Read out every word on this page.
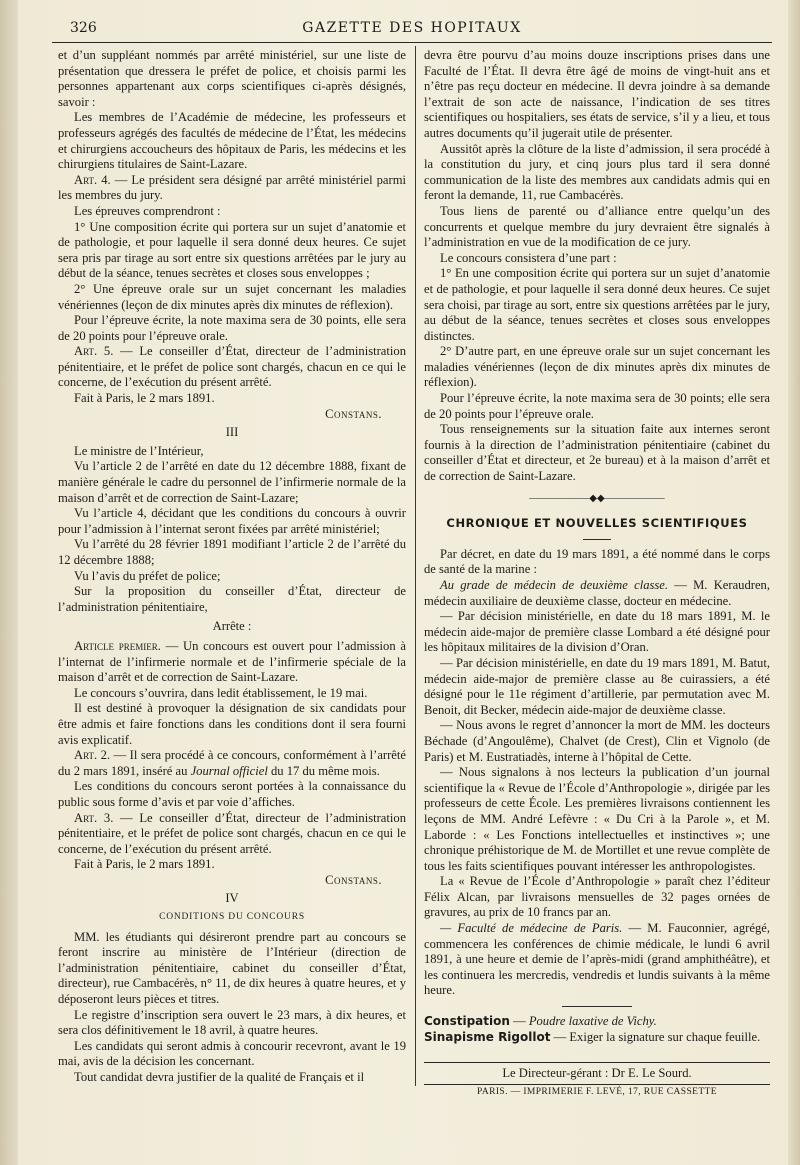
326	GAZETTE DES HOPITAUX

et d’un suppléant nommés par arrêté ministériel, sur une liste de présentation que dressera le préfet de police, et choisis parmi les personnes appartenant aux corps scientifiques ci-après désignés, savoir :

Les membres de l’Académie de médecine, les professeurs et professeurs agrégés des facultés de médecine de l’État, les médecins et chirurgiens accoucheurs des hôpitaux de Paris, les médecins et les chirurgiens titulaires de Saint-Lazare.

Art. 4. — Le président sera désigné par arrêté ministériel parmi les membres du jury.

Les épreuves comprendront :

1° Une composition écrite qui portera sur un sujet d’anatomie et de pathologie, et pour laquelle il sera donné deux heures. Ce sujet sera pris par tirage au sort entre six questions arrêtées par le jury au début de la séance, tenues secrètes et closes sous enveloppes ;

2° Une épreuve orale sur un sujet concernant les maladies vénériennes (leçon de dix minutes après dix minutes de réflexion).

Pour l’épreuve écrite, la note maxima sera de 30 points, elle sera de 20 points pour l’épreuve orale.

Art. 5. — Le conseiller d’État, directeur de l’administration pénitentiaire, et le préfet de police sont chargés, chacun en ce qui le concerne, de l’exécution du présent arrêté.

Fait à Paris, le 2 mars 1891.

Constans.

III

Le ministre de l’Intérieur,

Vu l’article 2 de l’arrêté en date du 12 décembre 1888, fixant de manière générale le cadre du personnel de l’infirmerie normale de la maison d’arrêt et de correction de Saint-Lazare;

Vu l’article 4, décidant que les conditions du concours à ouvrir pour l’admission à l’internat seront fixées par arrêté ministériel;

Vu l’arrêté du 28 février 1891 modifiant l’article 2 de l’arrêté du 12 décembre 1888;

Vu l’avis du préfet de police;

Sur la proposition du conseiller d’État, directeur de l’administration pénitentiaire,

Arrête :

Article premier. — Un concours est ouvert pour l’admission à l’internat de l’infirmerie normale et de l’infirmerie spéciale de la maison d’arrêt et de correction de Saint-Lazare.

Le concours s’ouvrira, dans ledit établissement, le 19 mai.

Il est destiné à provoquer la désignation de six candidats pour être admis et faire fonctions dans les conditions dont il sera fourni avis explicatif.

Art. 2. — Il sera procédé à ce concours, conformément à l’arrêté du 2 mars 1891, inséré au Journal officiel du 17 du même mois.

Les conditions du concours seront portées à la connaissance du public sous forme d’avis et par voie d’affiches.

Art. 3. — Le conseiller d’État, directeur de l’administration pénitentiaire, et le préfet de police sont chargés, chacun en ce qui le concerne, de l’exécution du présent arrêté.

Fait à Paris, le 2 mars 1891.

Constans.

IV

CONDITIONS DU CONCOURS

MM. les étudiants qui désireront prendre part au concours se feront inscrire au ministère de l’Intérieur (direction de l’administration pénitentiaire, cabinet du conseiller d’État, directeur), rue Cambacérès, n° 11, de dix heures à quatre heures, et y déposeront leurs pièces et titres.

Le registre d’inscription sera ouvert le 23 mars, à dix heures, et sera clos définitivement le 18 avril, à quatre heures.

Les candidats qui seront admis à concourir recevront, avant le 19 mai, avis de la décision les concernant.

Tout candidat devra justifier de la qualité de Français et il

devra être pourvu d’au moins douze inscriptions prises dans une Faculté de l’État. Il devra être âgé de moins de vingt-huit ans et n’être pas reçu docteur en médecine. Il devra joindre à sa demande l’extrait de son acte de naissance, l’indication de ses titres scientifiques ou hospitaliers, ses états de service, s’il y a lieu, et tous autres documents qu’il jugerait utile de présenter.

Aussitôt après la clôture de la liste d’admission, il sera procédé à la constitution du jury, et cinq jours plus tard il sera donné communication de la liste des membres aux candidats admis qui en feront la demande, 11, rue Cambacérès.

Tous liens de parenté ou d’alliance entre quelqu’un des concurrents et quelque membre du jury devraient être signalés à l’administration en vue de la modification de ce jury.

Le concours consistera d’une part :

1° En une composition écrite qui portera sur un sujet d’anatomie et de pathologie, et pour laquelle il sera donné deux heures. Ce sujet sera choisi, par tirage au sort, entre six questions arrêtées par le jury, au début de la séance, tenues secrètes et closes sous enveloppes distinctes.

2° D’autre part, en une épreuve orale sur un sujet concernant les maladies vénériennes (leçon de dix minutes après dix minutes de réflexion).

Pour l’épreuve écrite, la note maxima sera de 30 points; elle sera de 20 points pour l’épreuve orale.

Tous renseignements sur la situation faite aux internes seront fournis à la direction de l’administration pénitentiaire (cabinet du conseiller d’État et directeur, et 2e bureau) et à la maison d’arrêt et de correction de Saint-Lazare.

——————◆◆——————

CHRONIQUE ET NOUVELLES SCIENTIFIQUES

Par décret, en date du 19 mars 1891, a été nommé dans le corps de santé de la marine :

Au grade de médecin de deuxième classe. — M. Keraudren, médecin auxiliaire de deuxième classe, docteur en médecine.

— Par décision ministérielle, en date du 18 mars 1891, M. le médecin aide-major de première classe Lombard a été désigné pour les hôpitaux militaires de la division d’Oran.

— Par décision ministérielle, en date du 19 mars 1891, M. Batut, médecin aide-major de première classe au 8e cuirassiers, a été désigné pour le 11e régiment d’artillerie, par permutation avec M. Benoit, dit Becker, médecin aide-major de deuxième classe.

— Nous avons le regret d’annoncer la mort de MM. les docteurs Béchade (d’Angoulême), Chalvet (de Crest), Clin et Vignolo (de Paris) et M. Eustratiadès, interne à l’hôpital de Cette.

— Nous signalons à nos lecteurs la publication d’un journal scientifique la « Revue de l’École d’Anthropologie », dirigée par les professeurs de cette École. Les premières livraisons contiennent les leçons de MM. André Lefèvre : « Du Cri à la Parole », et M. Laborde : « Les Fonctions intellectuelles et instinctives »; une chronique préhistorique de M. de Mortillet et une revue complète de tous les faits scientifiques pouvant intéresser les anthropologistes.

La « Revue de l’École d’Anthropologie » paraît chez l’éditeur Félix Alcan, par livraisons mensuelles de 32 pages ornées de gravures, au prix de 10 francs par an.

— Faculté de médecine de Paris. — M. Fauconnier, agrégé, commencera les conférences de chimie médicale, le lundi 6 avril 1891, à une heure et demie de l’après-midi (grand amphithéâtre), et les continuera les mercredis, vendredis et lundis suivants à la même heure.

Constipation — Poudre laxative de Vichy.

Sinapisme Rigollot — Exiger la signature sur chaque feuille.

Le Directeur-gérant : Dr E. Le Sourd.
PARIS. — IMPRIMERIE F. LEVÉ, 17, RUE CASSETTE
